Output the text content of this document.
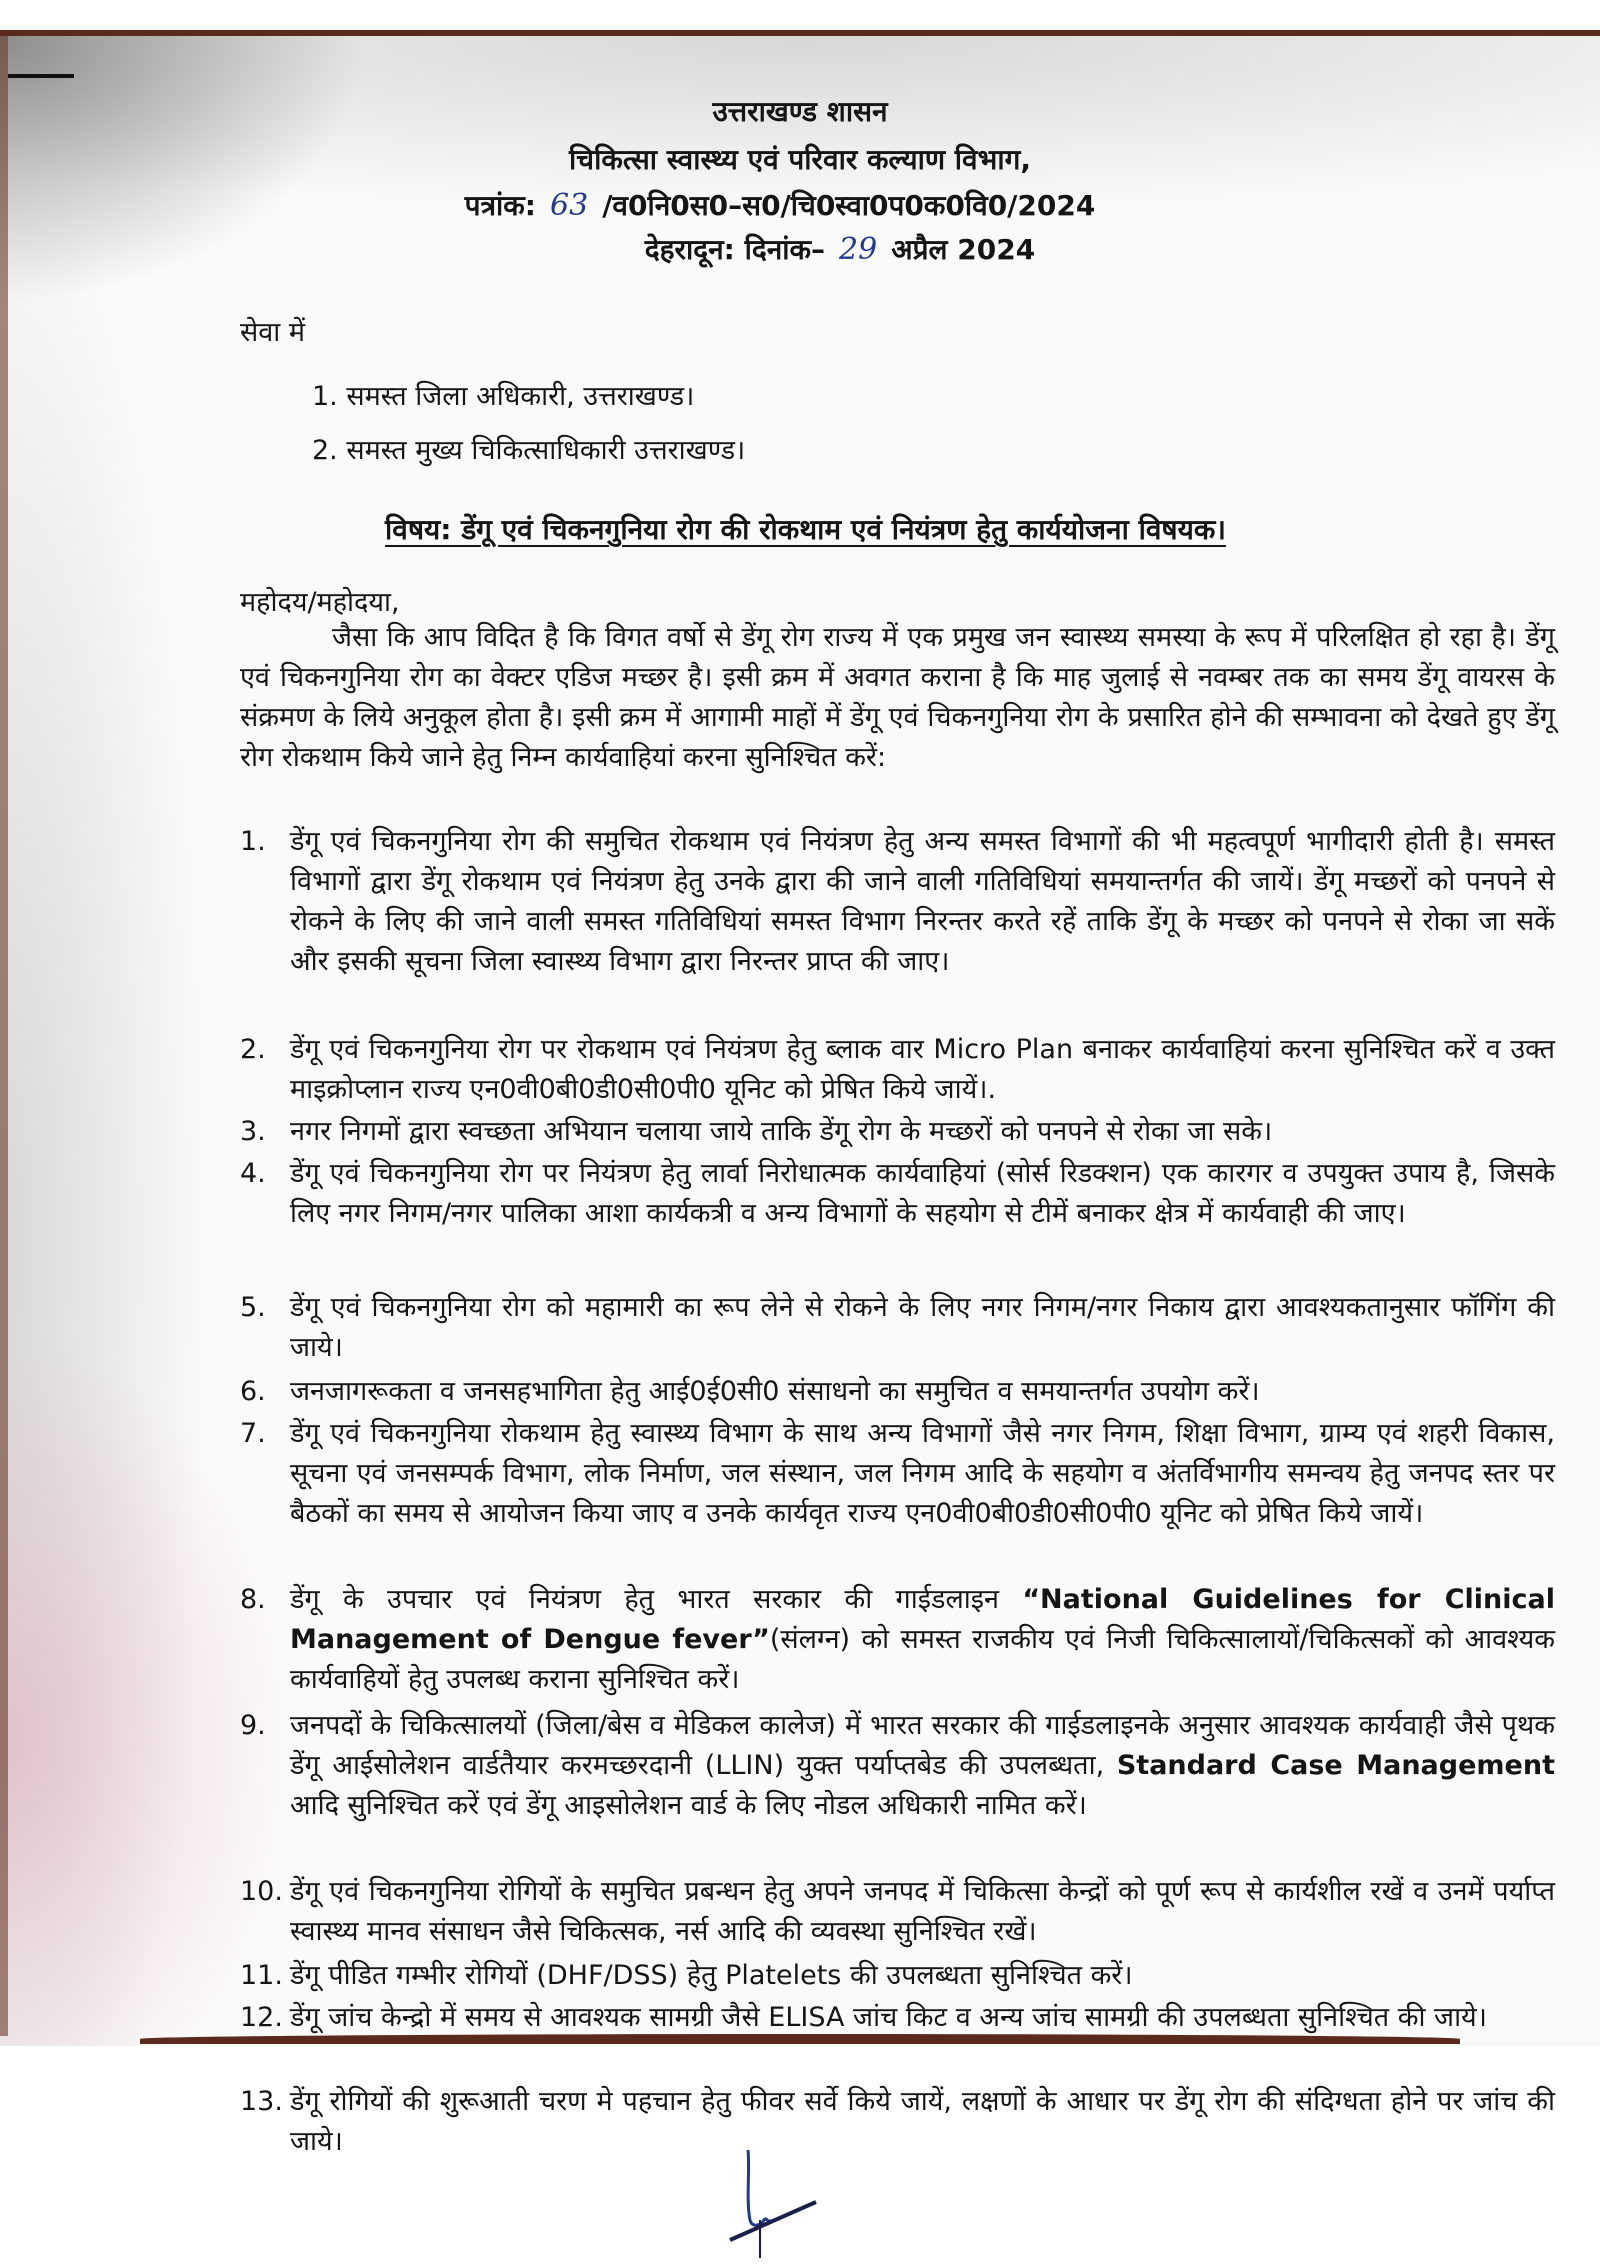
उत्तराखण्ड शासन
चिकित्सा स्वास्थ्य एवं परिवार कल्याण विभाग,
पत्रांक: 63 /व0नि0स0–स0/चि0स्वा0प0क0वि0/2024
देहरादून: दिनांक– 29 अप्रैल 2024
सेवा में
1. समस्त जिला अधिकारी, उत्तराखण्ड।
2. समस्त मुख्य चिकित्साधिकारी उत्तराखण्ड।
विषय: डेंगू एवं चिकनगुनिया रोग की रोकथाम एवं नियंत्रण हेतु कार्ययोजना विषयक।
महोदय/महोदया,

जैसा कि आप विदित है कि विगत वर्षो से डेंगू रोग राज्य में एक प्रमुख जन स्वास्थ्य समस्या के रूप में परिलक्षित हो रहा है। डेंगू एवं चिकनगुनिया रोग का वेक्टर एडिज मच्छर है। इसी क्रम में अवगत कराना है कि माह जुलाई से नवम्बर तक का समय डेंगू वायरस के संक्रमण के लिये अनुकूल होता है। इसी क्रम में आगामी माहों में डेंगू एवं चिकनगुनिया रोग के प्रसारित होने की सम्भावना को देखते हुए डेंगू रोग रोकथाम किये जाने हेतु निम्न कार्यवाहियां करना सुनिश्चित करें:

1. डेंगू एवं चिकनगुनिया रोग की समुचित रोकथाम एवं नियंत्रण हेतु अन्य समस्त विभागों की भी महत्वपूर्ण भागीदारी होती है। समस्त विभागों द्वारा डेंगू रोकथाम एवं नियंत्रण हेतु उनके द्वारा की जाने वाली गतिविधियां समयान्तर्गत की जायें। डेंगू मच्छरों को पनपने से रोकने के लिए की जाने वाली समस्त गतिविधियां समस्त विभाग निरन्तर करते रहें ताकि डेंगू के मच्छर को पनपने से रोका जा सकें और इसकी सूचना जिला स्वास्थ्य विभाग द्वारा निरन्तर प्राप्त की जाए।
2. डेंगू एवं चिकनगुनिया रोग पर रोकथाम एवं नियंत्रण हेतु ब्लाक वार Micro Plan बनाकर कार्यवाहियां करना सुनिश्चित करें व उक्त माइक्रोप्लान राज्य एन0वी0बी0डी0सी0पी0 यूनिट को प्रेषित किये जायें।.
3. नगर निगमों द्वारा स्वच्छता अभियान चलाया जाये ताकि डेंगू रोग के मच्छरों को पनपने से रोका जा सके।
4. डेंगू एवं चिकनगुनिया रोग पर नियंत्रण हेतु लार्वा निरोधात्मक कार्यवाहियां (सोर्स रिडक्शन) एक कारगर व उपयुक्त उपाय है, जिसके लिए नगर निगम/नगर पालिका आशा कार्यकत्री व अन्य विभागों के सहयोग से टीमें बनाकर क्षेत्र में कार्यवाही की जाए।
5. डेंगू एवं चिकनगुनिया रोग को महामारी का रूप लेने से रोकने के लिए नगर निगम/नगर निकाय द्वारा आवश्यकतानुसार फॉगिंग की जाये।
6. जनजागरूकता व जनसहभागिता हेतु आई0ई0सी0 संसाधनो का समुचित व समयान्तर्गत उपयोग करें।
7. डेंगू एवं चिकनगुनिया रोकथाम हेतु स्वास्थ्य विभाग के साथ अन्य विभागों जैसे नगर निगम, शिक्षा विभाग, ग्राम्य एवं शहरी विकास, सूचना एवं जनसम्पर्क विभाग, लोक निर्माण, जल संस्थान, जल निगम आदि के सहयोग व अंतर्विभागीय समन्वय हेतु जनपद स्तर पर बैठकों का समय से आयोजन किया जाए व उनके कार्यवृत राज्य एन0वी0बी0डी0सी0पी0 यूनिट को प्रेषित किये जायें।
8. डेंगू के उपचार एवं नियंत्रण हेतु भारत सरकार की गाईडलाइन “National Guidelines for Clinical Management of Dengue fever”(संलग्न) को समस्त राजकीय एवं निजी चिकित्सालायों/चिकित्सकों को आवश्यक कार्यवाहियों हेतु उपलब्ध कराना सुनिश्चित करें।
9. जनपदों के चिकित्सालयों (जिला/बेस व मेडिकल कालेज) में भारत सरकार की गाईडलाइनके अनुसार आवश्यक कार्यवाही जैसे पृथक डेंगू आईसोलेशन वार्डतैयार करमच्छरदानी (LLIN) युक्त पर्याप्तबेड की उपलब्धता, Standard Case Management आदि सुनिश्चित करें एवं डेंगू आइसोलेशन वार्ड के लिए नोडल अधिकारी नामित करें।
10. डेंगू एवं चिकनगुनिया रोगियों के समुचित प्रबन्धन हेतु अपने जनपद में चिकित्सा केन्द्रों को पूर्ण रूप से कार्यशील रखें व उनमें पर्याप्त स्वास्थ्य मानव संसाधन जैसे चिकित्सक, नर्स आदि की व्यवस्था सुनिश्चित रखें।
11. डेंगू पीडित गम्भीर रोगियों (DHF/DSS) हेतु Platelets की उपलब्धता सुनिश्चित करें।
12. डेंगू जांच केन्द्रो में समय से आवश्यक सामग्री जैसे ELISA जांच किट व अन्य जांच सामग्री की उपलब्धता सुनिश्चित की जाये।
13. डेंगू रोगियों की शुरूआती चरण मे पहचान हेतु फीवर सर्वे किये जायें, लक्षणों के आधार पर डेंगू रोग की संदिग्धता होने पर जांच की जाये।
